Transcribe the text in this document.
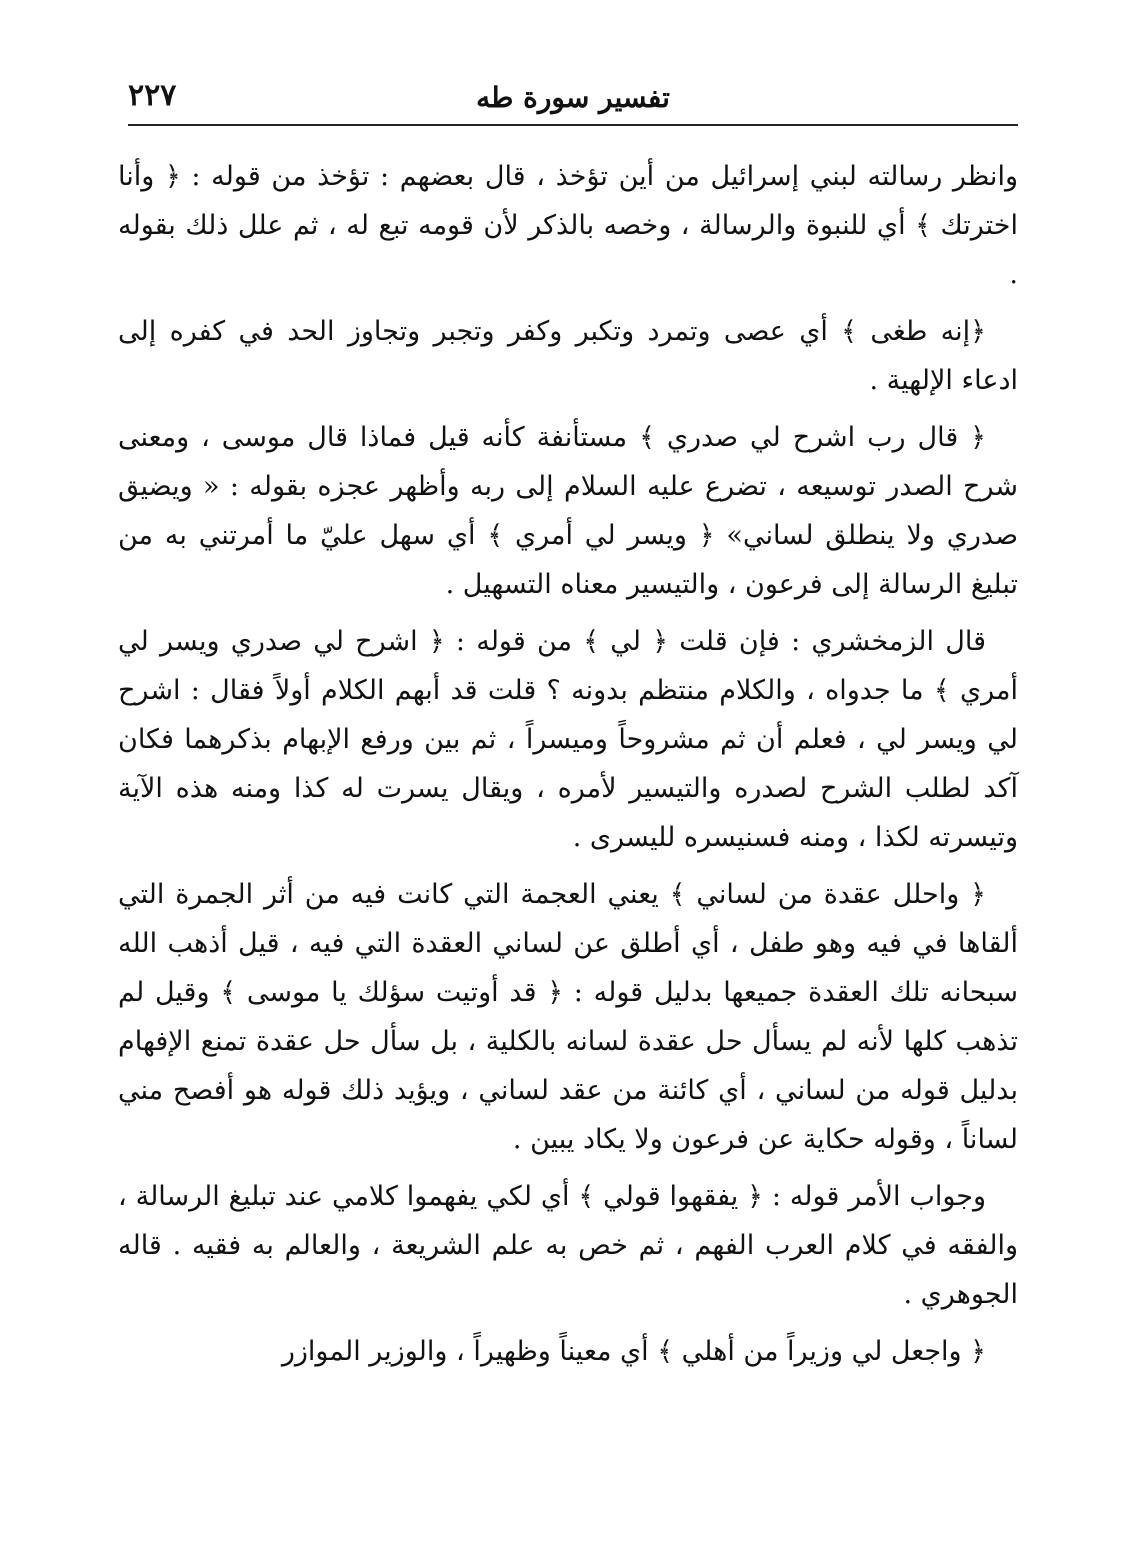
تفسير سورة طه
٢٢٧

وانظر رسالته لبني إسرائيل من أين تؤخذ ، قال بعضهم : تؤخذ من قوله : ﴿ وأنا اخترتك ﴾ أي للنبوة والرسالة ، وخصه بالذكر لأن قومه تبع له ، ثم علل ذلك بقوله .

﴿إنه طغى ﴾ أي عصى وتمرد وتكبر وكفر وتجبر وتجاوز الحد في كفره إلى ادعاء الإلهية .

﴿ قال رب اشرح لي صدري ﴾ مستأنفة كأنه قيل فماذا قال موسى ، ومعنى شرح الصدر توسيعه ، تضرع عليه السلام إلى ربه وأظهر عجزه بقوله : « ويضيق صدري ولا ينطلق لساني» ﴿ ويسر لي أمري ﴾ أي سهل عليّ ما أمرتني به من تبليغ الرسالة إلى فرعون ، والتيسير معناه التسهيل .

قال الزمخشري : فإن قلت ﴿ لي ﴾ من قوله : ﴿ اشرح لي صدري ويسر لي أمري ﴾ ما جدواه ، والكلام منتظم بدونه ؟ قلت قد أبهم الكلام أولاً فقال : اشرح لي ويسر لي ، فعلم أن ثم مشروحاً وميسراً ، ثم بين ورفع الإبهام بذكرهما فكان آكد لطلب الشرح لصدره والتيسير لأمره ، ويقال يسرت له كذا ومنه هذه الآية وتيسرته لكذا ، ومنه فسنيسره لليسرى .

﴿ واحلل عقدة من لساني ﴾ يعني العجمة التي كانت فيه من أثر الجمرة التي ألقاها في فيه وهو طفل ، أي أطلق عن لساني العقدة التي فيه ، قيل أذهب الله سبحانه تلك العقدة جميعها بدليل قوله : ﴿ قد أوتيت سؤلك يا موسى ﴾ وقيل لم تذهب كلها لأنه لم يسأل حل عقدة لسانه بالكلية ، بل سأل حل عقدة تمنع الإفهام بدليل قوله من لساني ، أي كائنة من عقد لساني ، ويؤيد ذلك قوله هو أفصح مني لساناً ، وقوله حكاية عن فرعون ولا يكاد يبين .

وجواب الأمر قوله : ﴿ يفقهوا قولي ﴾ أي لكي يفهموا كلامي عند تبليغ الرسالة ، والفقه في كلام العرب الفهم ، ثم خص به علم الشريعة ، والعالم به فقيه . قاله الجوهري .

﴿ واجعل لي وزيراً من أهلي ﴾ أي معيناً وظهيراً ، والوزير الموازر
